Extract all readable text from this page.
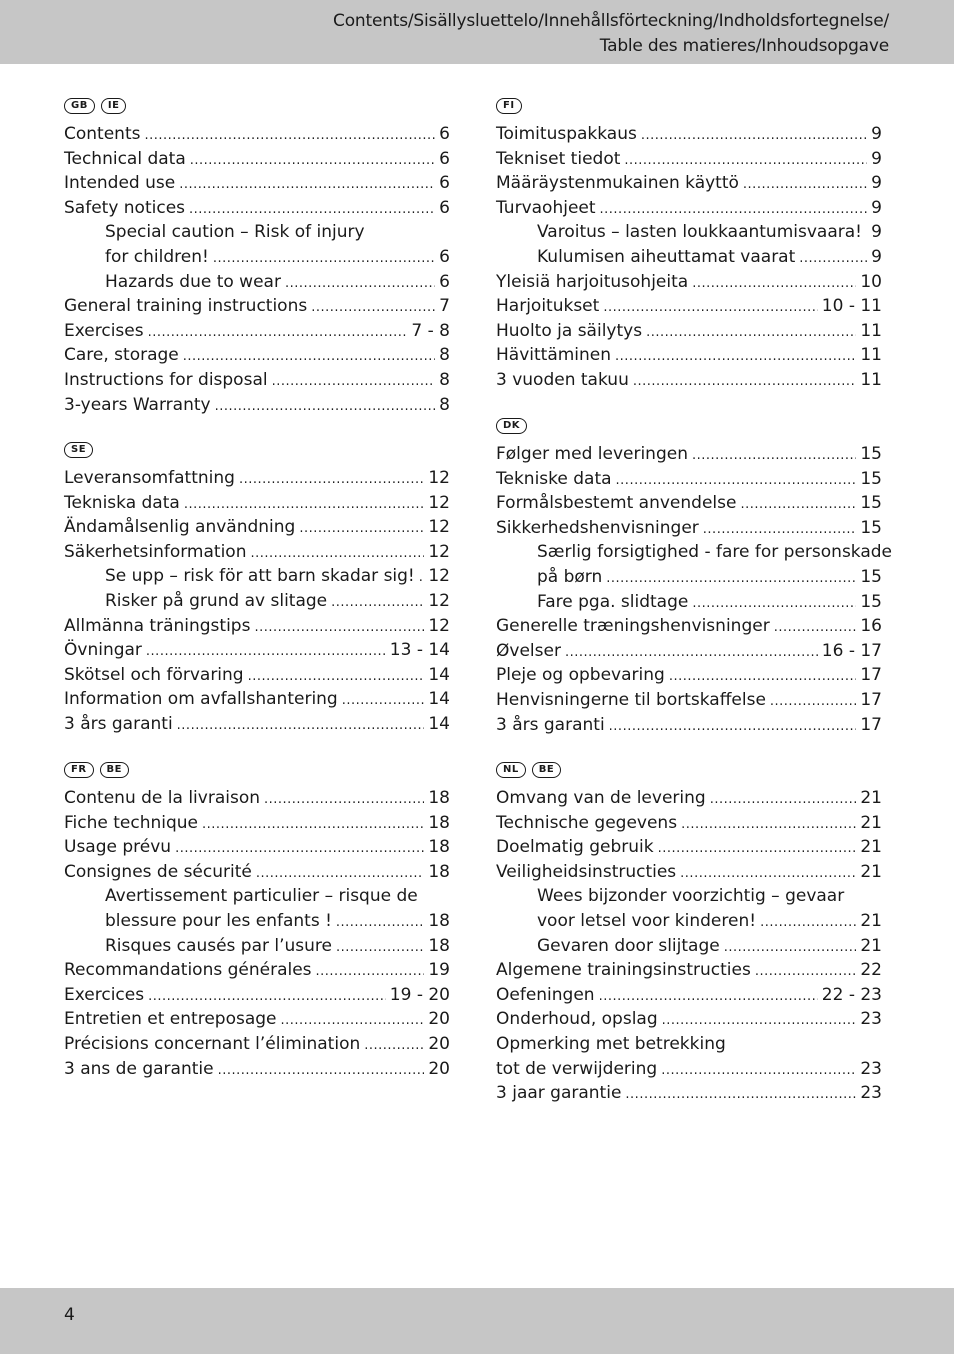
Contents/Sisällysluettelo/Innehållsförteckning/Indholdsfortegnelse/
Table des matieres/Inhoudsopgave
GB	IE
Contents .....	6
Technical data .....	6
Intended use .....	6
Safety notices .....	6
Special caution – Risk of injury
for children! .....	6
Hazards due to wear .....	6
General training instructions .....	7
Exercises .....	7 - 8
Care, storage .....	8
Instructions for disposal .....	8
3-years Warranty .....	8
SE
Leveransomfattning .....	12
Tekniska data .....	12
Ändamålsenlig användning .....	12
Säkerhetsinformation .....	12
Se upp – risk för att barn skadar sig! ..... 12
Risker på grund av slitage .....	12
Allmänna träningstips .....	12
Övningar .....	13 - 14
Skötsel och förvaring .....	14
Information om avfallshantering .....	14
3 års garanti .....	14
FR	BE
Contenu de la livraison .....	18
Fiche technique .....	18
Usage prévu .....	18
Consignes de sécurité .....	18
Avertissement particulier – risque de
blessure pour les enfants ! .....	18
Risques causés par l’usure .....	18
Recommandations générales .....	19
Exercices .....	19 - 20
Entretien et entreposage .....	20
Précisions concernant l’élimination .....	20
3 ans de garantie .....	20
FI
Toimituspakkaus .....	9
Tekniset tiedot .....	9
Määräystenmukainen käyttö .....	9
Turvaohjeet .....	9
Varoitus – lasten loukkaantumisvaara! ..... 9
Kulumisen aiheuttamat vaarat .....	9
Yleisiä harjoitusohjeita .....	10
Harjoitukset .....	10 - 11
Huolto ja säilytys .....	11
Hävittäminen .....	11
3 vuoden takuu .....	11
DK
Følger med leveringen .....	15
Tekniske data .....	15
Formålsbestemt anvendelse .....	15
Sikkerhedshenvisninger .....	15
Særlig forsigtighed - fare for personskade
på børn .....	15
Fare pga. slidtage .....	15
Generelle træningshenvisninger .....	16
Øvelser .....	16 - 17
Pleje og opbevaring .....	17
Henvisningerne til bortskaffelse .....	17
3 års garanti .....	17
NL	BE
Omvang van de levering .....	21
Technische gegevens .....	21
Doelmatig gebruik .....	21
Veiligheidsinstructies .....	21
Wees bijzonder voorzichtig – gevaar
voor letsel voor kinderen! .....	21
Gevaren door slijtage .....	21
Algemene trainingsinstructies .....	22
Oefeningen .....	22 - 23
Onderhoud, opslag .....	23
Opmerking met betrekking
tot de verwijdering .....	23
3 jaar garantie .....	23
4
